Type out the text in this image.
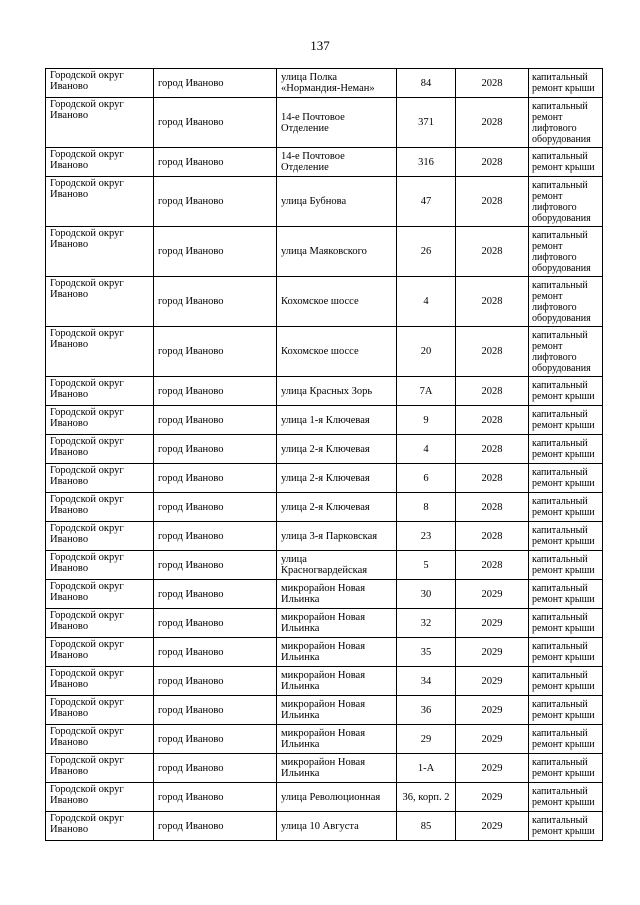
137
Городской округ Иваново	город Иваново	улица Полка «Нормандия-Неман»	84	2028	капитальный ремонт крыши
Городской округ Иваново	город Иваново	14-е Почтовое Отделение	371	2028	капитальный ремонт лифтового оборудования
Городской округ Иваново	город Иваново	14-е Почтовое Отделение	316	2028	капитальный ремонт крыши
Городской округ Иваново	город Иваново	улица Бубнова	47	2028	капитальный ремонт лифтового оборудования
Городской округ Иваново	город Иваново	улица Маяковского	26	2028	капитальный ремонт лифтового оборудования
Городской округ Иваново	город Иваново	Кохомское шоссе	4	2028	капитальный ремонт лифтового оборудования
Городской округ Иваново	город Иваново	Кохомское шоссе	20	2028	капитальный ремонт лифтового оборудования
Городской округ Иваново	город Иваново	улица Красных Зорь	7А	2028	капитальный ремонт крыши
Городской округ Иваново	город Иваново	улица 1-я Ключевая	9	2028	капитальный ремонт крыши
Городской округ Иваново	город Иваново	улица 2-я Ключевая	4	2028	капитальный ремонт крыши
Городской округ Иваново	город Иваново	улица 2-я Ключевая	6	2028	капитальный ремонт крыши
Городской округ Иваново	город Иваново	улица 2-я Ключевая	8	2028	капитальный ремонт крыши
Городской округ Иваново	город Иваново	улица 3-я Парковская	23	2028	капитальный ремонт крыши
Городской округ Иваново	город Иваново	улица Красногвардейская	5	2028	капитальный ремонт крыши
Городской округ Иваново	город Иваново	микрорайон Новая Ильинка	30	2029	капитальный ремонт крыши
Городской округ Иваново	город Иваново	микрорайон Новая Ильинка	32	2029	капитальный ремонт крыши
Городской округ Иваново	город Иваново	микрорайон Новая Ильинка	35	2029	капитальный ремонт крыши
Городской округ Иваново	город Иваново	микрорайон Новая Ильинка	34	2029	капитальный ремонт крыши
Городской округ Иваново	город Иваново	микрорайон Новая Ильинка	36	2029	капитальный ремонт крыши
Городской округ Иваново	город Иваново	микрорайон Новая Ильинка	29	2029	капитальный ремонт крыши
Городской округ Иваново	город Иваново	микрорайон Новая Ильинка	1-А	2029	капитальный ремонт крыши
Городской округ Иваново	город Иваново	улица Революционная	36, корп. 2	2029	капитальный ремонт крыши
Городской округ Иваново	город Иваново	улица 10 Августа	85	2029	капитальный ремонт крыши
